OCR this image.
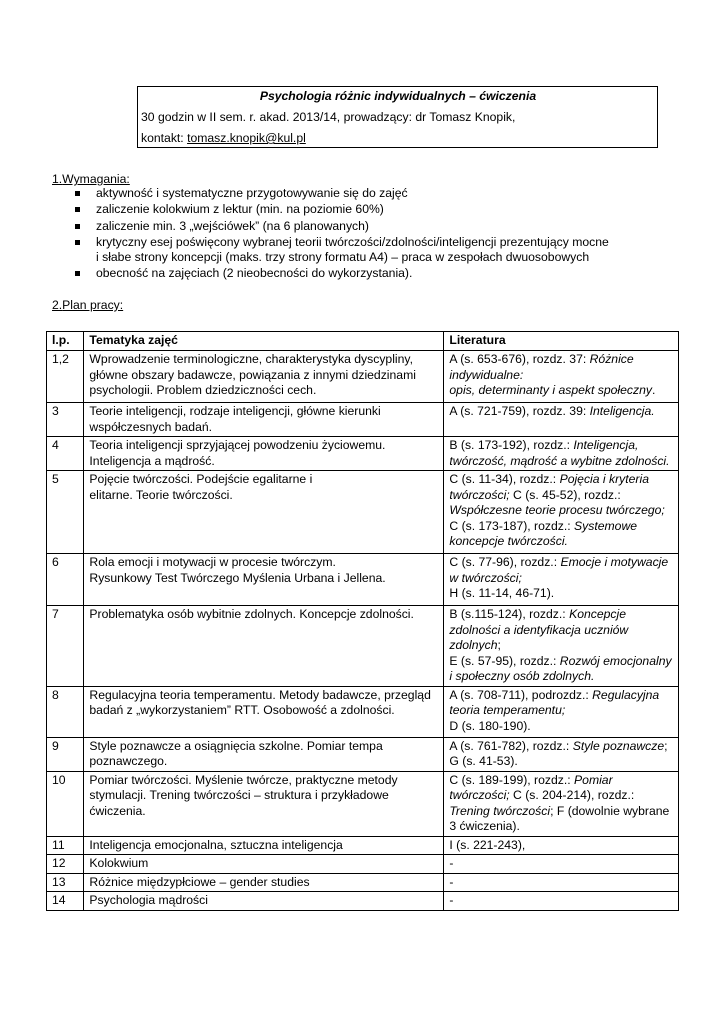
Psychologia różnic indywidualnych – ćwiczenia
30 godzin w II sem. r. akad. 2013/14, prowadzący: dr Tomasz Knopik,
kontakt: tomasz.knopik@kul.pl
1.Wymagania:
aktywność i systematyczne przygotowywanie się do zajęć
zaliczenie kolokwium z lektur (min. na poziomie 60%)
zaliczenie min. 3 „wejściówek” (na 6 planowanych)
krytyczny esej poświęcony wybranej teorii twórczości/zdolności/inteligencji prezentujący mocne i słabe strony koncepcji (maks. trzy strony formatu A4) – praca w zespołach dwuosobowych
obecność na zajęciach (2 nieobecności do wykorzystania).
2.Plan pracy:
l.p.	Tematyka zajęć	Literatura
1,2	Wprowadzenie terminologiczne, charakterystyka dyscypliny, główne obszary badawcze, powiązania z innymi dziedzinami psychologii. Problem dziedziczności cech.	A (s. 653-676), rozdz. 37: Różnice indywidualne:
opis, determinanty i aspekt społeczny.
3	Teorie inteligencji, rodzaje inteligencji, główne kierunki współczesnych badań.	A (s. 721-759), rozdz. 39: Inteligencja.
4	Teoria inteligencji sprzyjającej powodzeniu życiowemu. Inteligencja a mądrość.	B (s. 173-192), rozdz.: Inteligencja, twórczość, mądrość a wybitne zdolności.
5	Pojęcie twórczości. Podejście egalitarne i elitarne. Teorie twórczości.	C (s. 11-34), rozdz.: Pojęcia i kryteria twórczości; C (s. 45-52), rozdz.: Współczesne teorie procesu twórczego;
C (s. 173-187), rozdz.: Systemowe koncepcje twórczości.
6	Rola emocji i motywacji w procesie twórczym. Rysunkowy Test Twórczego Myślenia Urbana i Jellena.	C (s. 77-96), rozdz.: Emocje i motywacje w twórczości;
H (s. 11-14, 46-71).
7	Problematyka osób wybitnie zdolnych. Koncepcje zdolności.	B (s.115-124), rozdz.: Koncepcje zdolności a identyfikacja uczniów zdolnych;
E (s. 57-95), rozdz.: Rozwój emocjonalny i społeczny osób zdolnych.
8	Regulacyjna teoria temperamentu. Metody badawcze, przegląd badań z „wykorzystaniem” RTT. Osobowość a zdolności.	A (s. 708-711), podrozdz.: Regulacyjna teoria temperamentu;
D (s. 180-190).
9	Style poznawcze a osiągnięcia szkolne. Pomiar tempa poznawczego.	A (s. 761-782), rozdz.: Style poznawcze; G (s. 41-53).
10	Pomiar twórczości. Myślenie twórcze, praktyczne metody stymulacji. Trening twórczości – struktura i przykładowe ćwiczenia.	C (s. 189-199), rozdz.: Pomiar twórczości; C (s. 204-214), rozdz.: Trening twórczości; F (dowolnie wybrane 3 ćwiczenia).
11	Inteligencja emocjonalna, sztuczna inteligencja	I (s. 221-243),
12	Kolokwium	-
13	Różnice międzypłciowe – gender studies	-
14	Psychologia mądrości	-
